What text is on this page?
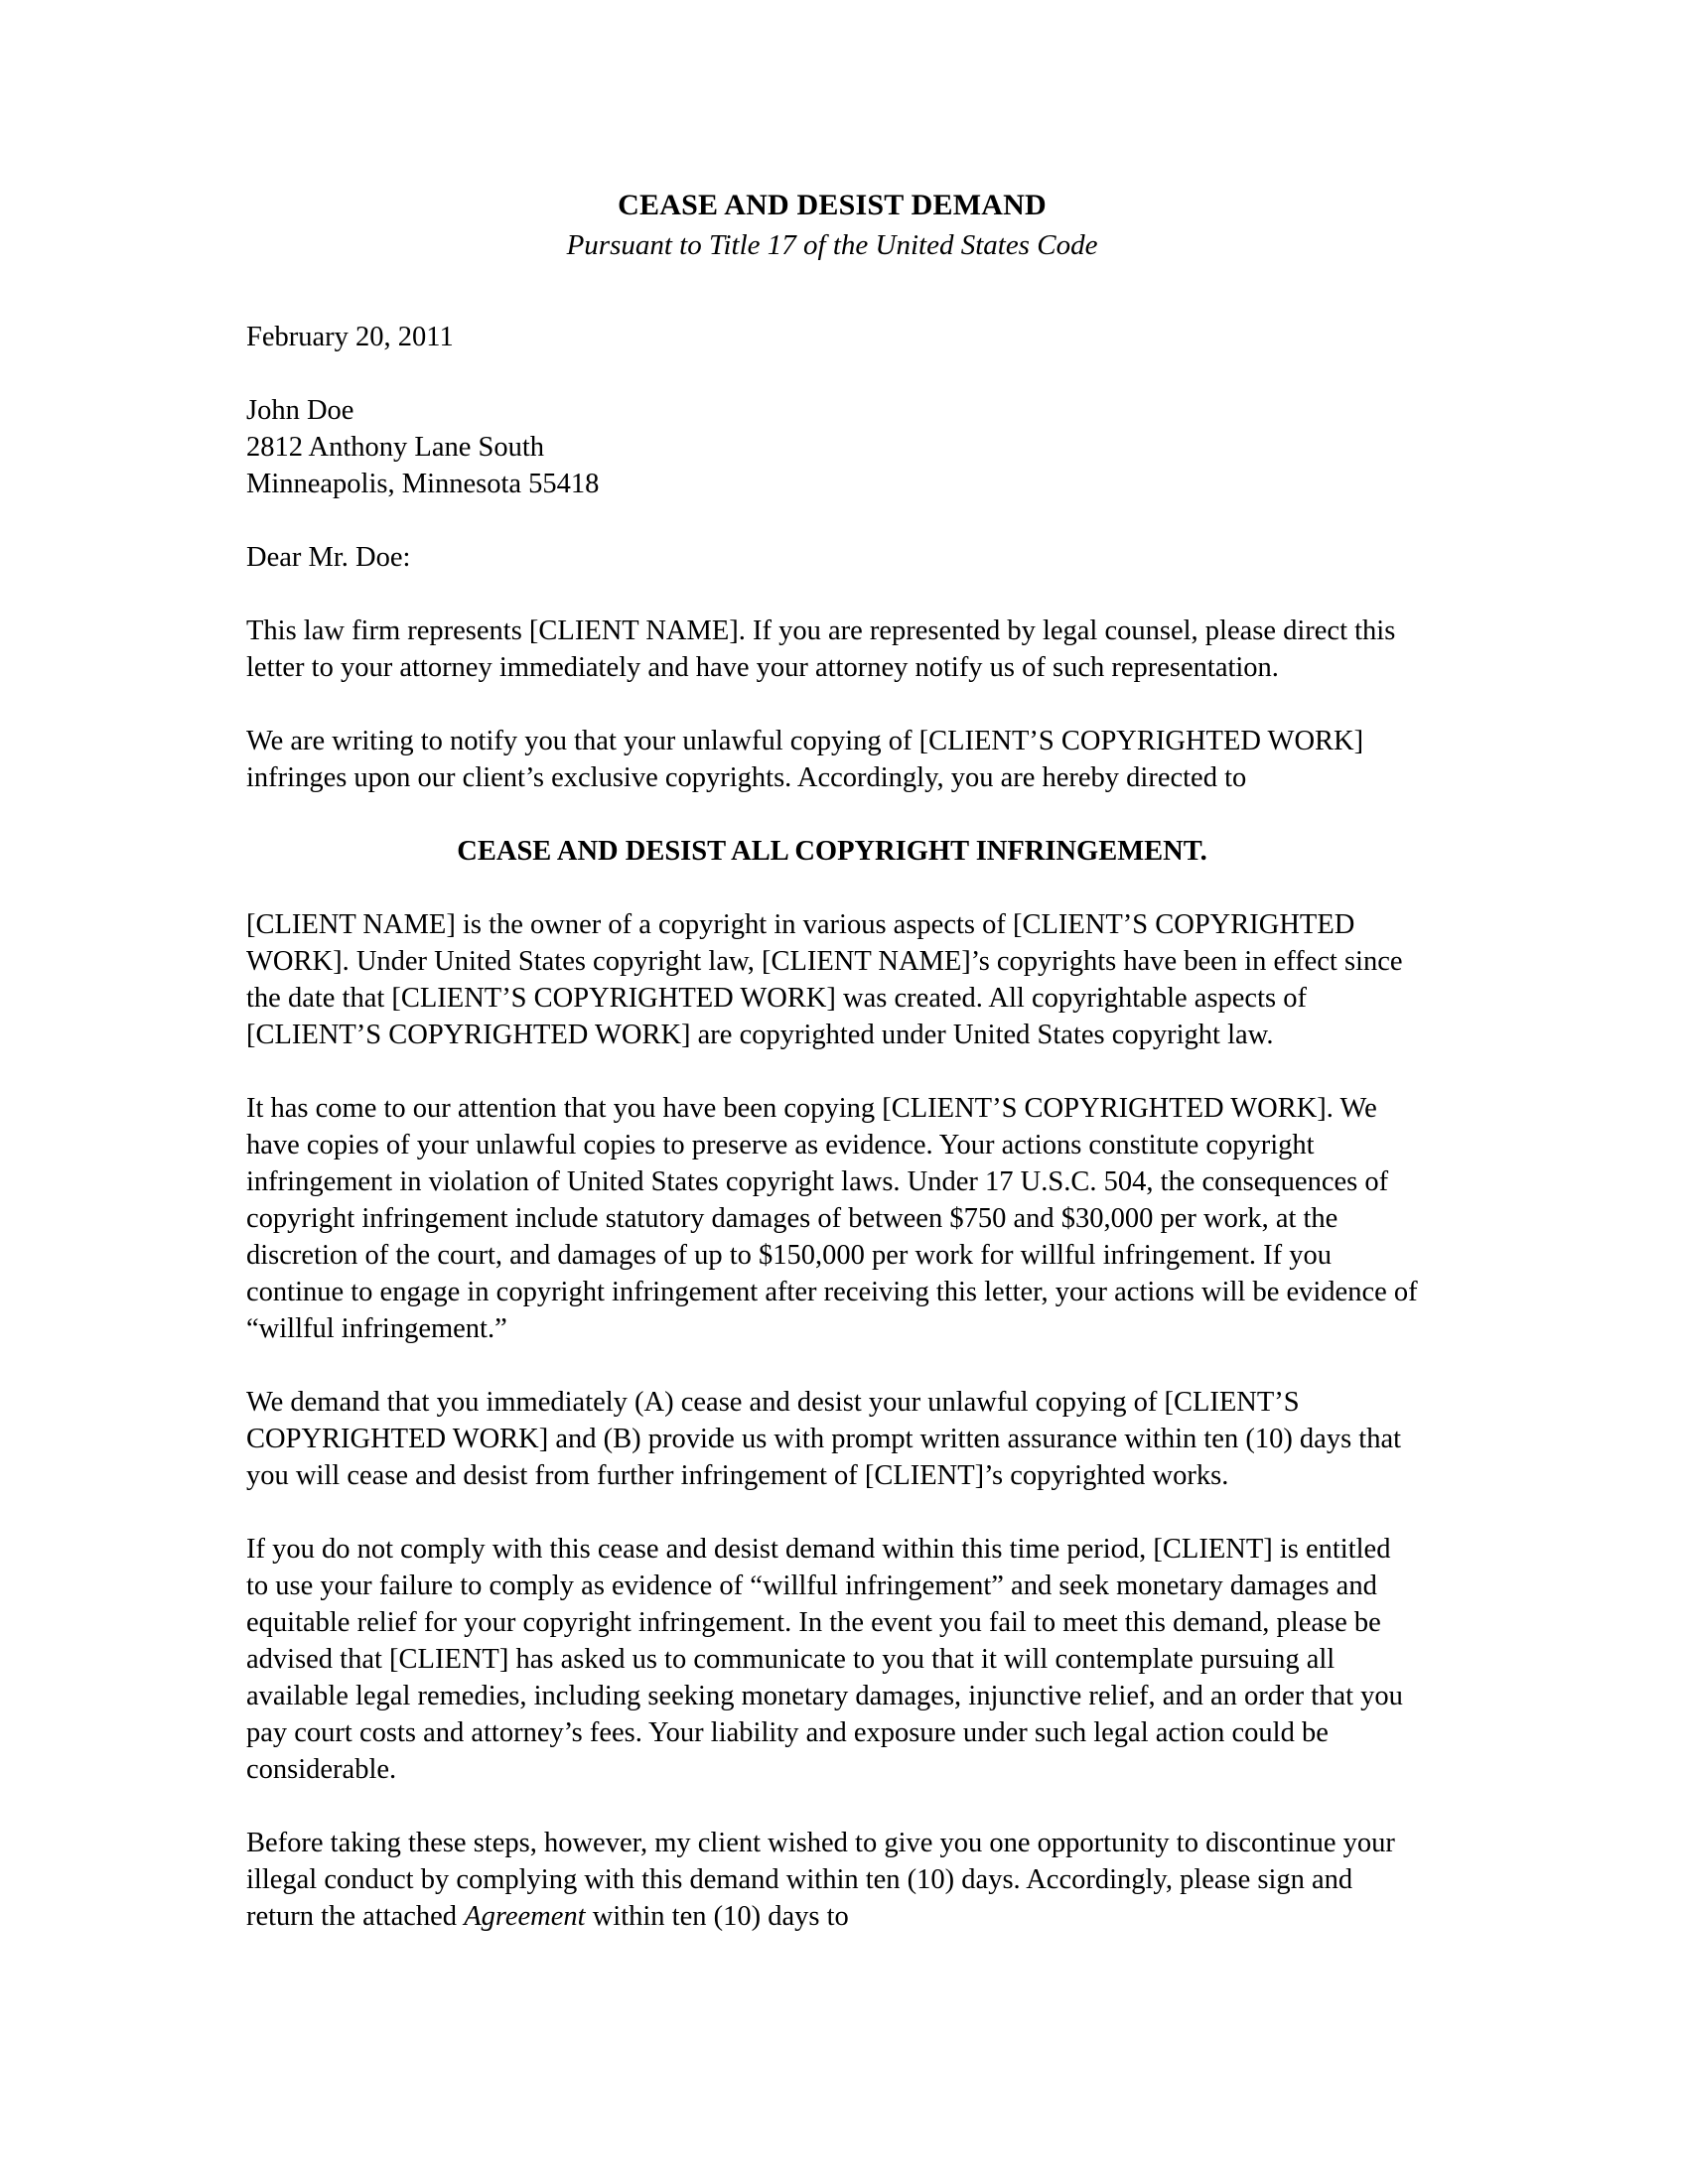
CEASE AND DESIST DEMAND
Pursuant to Title 17 of the United States Code
February 20, 2011
John Doe
2812 Anthony Lane South
Minneapolis, Minnesota 55418
Dear Mr. Doe:

This law firm represents [CLIENT NAME]. If you are represented by legal counsel, please direct this letter to your attorney immediately and have your attorney notify us of such representation.

We are writing to notify you that your unlawful copying of [CLIENT’S COPYRIGHTED WORK] infringes upon our client’s exclusive copyrights. Accordingly, you are hereby directed to

CEASE AND DESIST ALL COPYRIGHT INFRINGEMENT.

[CLIENT NAME] is the owner of a copyright in various aspects of [CLIENT’S COPYRIGHTED WORK]. Under United States copyright law, [CLIENT NAME]’s copyrights have been in effect since the date that [CLIENT’S COPYRIGHTED WORK] was created. All copyrightable aspects of [CLIENT’S COPYRIGHTED WORK] are copyrighted under United States copyright law.

It has come to our attention that you have been copying [CLIENT’S COPYRIGHTED WORK]. We have copies of your unlawful copies to preserve as evidence. Your actions constitute copyright infringement in violation of United States copyright laws. Under 17 U.S.C. 504, the consequences of copyright infringement include statutory damages of between $750 and $30,000 per work, at the discretion of the court, and damages of up to $150,000 per work for willful infringement. If you continue to engage in copyright infringement after receiving this letter, your actions will be evidence of “willful infringement.”

We demand that you immediately (A) cease and desist your unlawful copying of [CLIENT’S COPYRIGHTED WORK] and (B) provide us with prompt written assurance within ten (10) days that you will cease and desist from further infringement of [CLIENT]’s copyrighted works.

If you do not comply with this cease and desist demand within this time period, [CLIENT] is entitled to use your failure to comply as evidence of “willful infringement” and seek monetary damages and equitable relief for your copyright infringement. In the event you fail to meet this demand, please be advised that [CLIENT] has asked us to communicate to you that it will contemplate pursuing all available legal remedies, including seeking monetary damages, injunctive relief, and an order that you pay court costs and attorney’s fees. Your liability and exposure under such legal action could be considerable.

Before taking these steps, however, my client wished to give you one opportunity to discontinue your illegal conduct by complying with this demand within ten (10) days. Accordingly, please sign and return the attached Agreement within ten (10) days to
